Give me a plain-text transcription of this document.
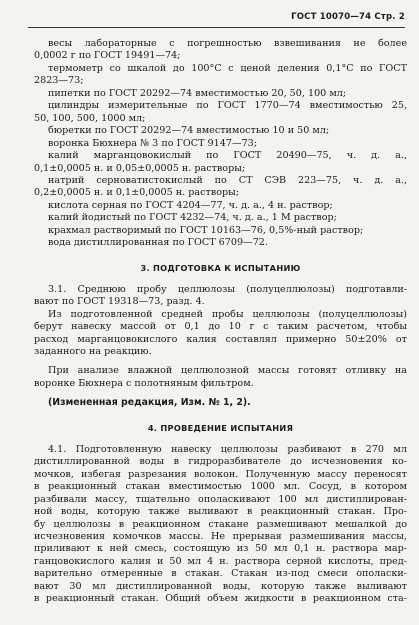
ГОСТ 10070—74 Стр. 2
весы лабораторные с погрешностью взвешивания не более
0,0002 г по ГОСТ 19491—74;
термометр со шкалой до 100°С с ценой деления 0,1°С по ГОСТ
2823—73;
пипетки по ГОСТ 20292—74 вместимостью 20, 50, 100 мл;
цилиндры измерительные по ГОСТ 1770—74 вместимостью 25,
50, 100, 500, 1000 мл;
бюретки по ГОСТ 20292—74 вместимостью 10 и 50 мл;
воронка Бюхнера № 3 по ГОСТ 9147—73;
калий марганцовокислый по ГОСТ 20490—75, ч. д. а.,
0,1±0,0005 н. и 0,05±0,0005 н. растворы;
натрий серноватистокислый по СТ СЭВ 223—75, ч. д. а.,
0,2±0,0005 н. и 0,1±0,0005 н. растворы;
кислота серная по ГОСТ 4204—77, ч. д. а., 4 н. раствор;
калий йодистый по ГОСТ 4232—74, ч. д. а., 1 М раствор;
крахмал растворимый по ГОСТ 10163—76, 0,5%-ный раствор;
вода дистиллированная по ГОСТ 6709—72.
3. ПОДГОТОВКА К ИСПЫТАНИЮ
3.1. Среднюю пробу целлюлозы (полуцеллюлозы) подготавли-
вают по ГОСТ 19318—73, разд. 4.
Из подготовленной средней пробы целлюлозы (полуцеллюлозы)
берут навеску массой от 0,1 до 10 г с таким расчетом, чтобы
расход марганцовокислого калия составлял примерно 50±20% от
заданного на реакцию.
При анализе влажной целлюлозной массы готовят отливку на
воронке Бюхнера с полотняным фильтром.
(Измененная редакция, Изм. № 1, 2).
4. ПРОВЕДЕНИЕ ИСПЫТАНИЯ
4.1. Подготовленную навеску целлюлозы разбивают в 270 мл
дистиллированной воды в гидроразбивателе до исчезновения ко-
мочков, избегая разрезания волокон. Полученную массу переносят
в реакционный стакан вместимостью 1000 мл. Сосуд, в котором
разбивали массу, тщательно ополаскивают 100 мл дистиллирован-
ной воды, которую также выливают в реакционный стакан. Про-
бу целлюлозы в реакционном стакане размешивают мешалкой до
исчезновения комочков массы. Не прерывая размешивания массы,
приливают к ней смесь, состоящую из 50 мл 0,1 н. раствора мар-
ганцовокислого калия и 50 мл 4 н. раствора серной кислоты, пред-
варительно отмеренные в стакан. Стакан из-под смеси ополаски-
вают 30 мл дистиллированной воды, которую также выливают
в реакционный стакан. Общий объем жидкости в реакционном ста-
